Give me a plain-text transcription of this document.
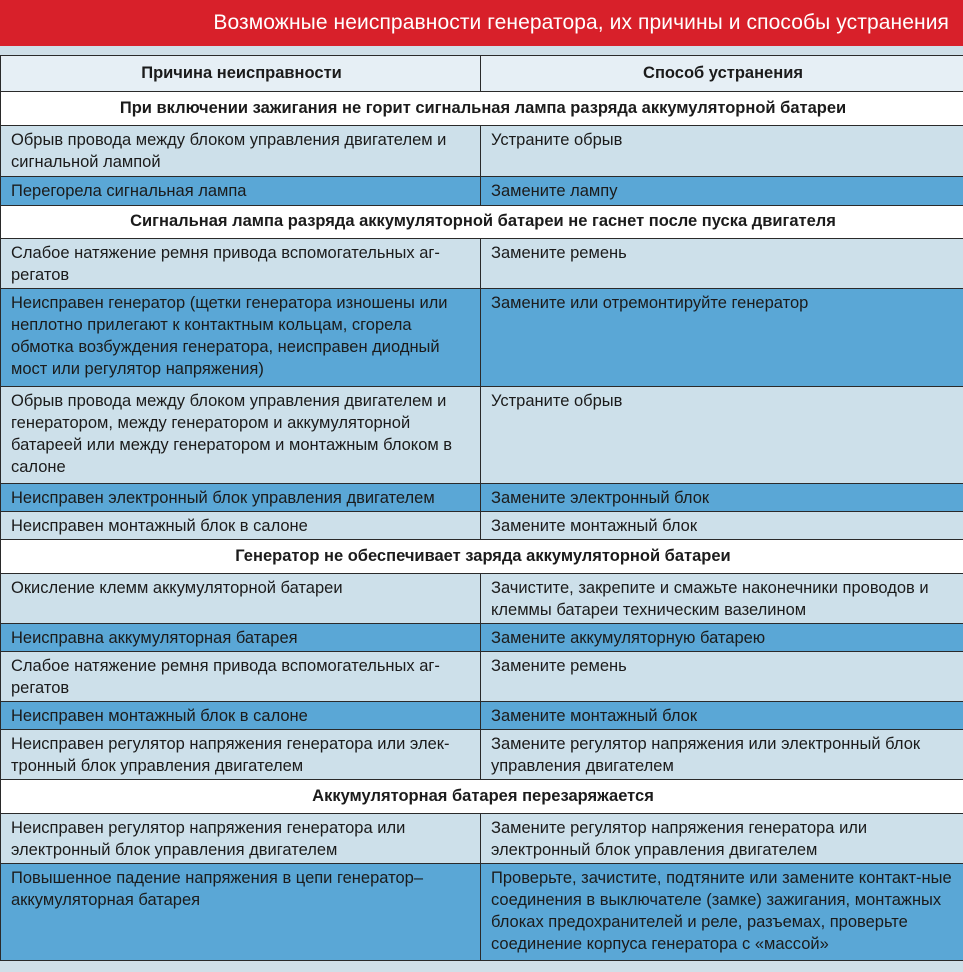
Возможные неисправности генератора, их причины и способы устранения
Причина неисправности	Способ устранения
При включении зажигания не горит сигнальная лампа разряда аккумуляторной батареи	
Обрыв провода между блоком управления двигателем и сигнальной лампой	Устраните обрыв
Перегорела сигнальная лампа	Замените лампу
Сигнальная лампа разряда аккумуляторной батареи не гаснет после пуска двигателя	
Слабое натяжение ремня привода вспомогательных аг-регатов	Замените ремень
Неисправен генератор (щетки генератора изношены или неплотно прилегают к контактным кольцам, сгорела обмотка возбуждения генератора, неисправен диодный мост или регулятор напряжения)	Замените или отремонтируйте генератор
Обрыв провода между блоком управления двигателем и генератором, между генератором и аккумуляторной батареей или между генератором и монтажным блоком в салоне	Устраните обрыв
Неисправен электронный блок управления двигателем	Замените электронный блок
Неисправен монтажный блок в салоне	Замените монтажный блок
Генератор не обеспечивает заряда аккумуляторной батареи	
Окисление клемм аккумуляторной батареи	Зачистите, закрепите и смажьте наконечники проводов и клеммы батареи техническим вазелином
Неисправна аккумуляторная батарея	Замените аккумуляторную батарею
Слабое натяжение ремня привода вспомогательных аг-регатов	Замените ремень
Неисправен монтажный блок в салоне	Замените монтажный блок
Неисправен регулятор напряжения генератора или элек-тронный блок управления двигателем	Замените регулятор напряжения или электронный блок управления двигателем
Аккумуляторная батарея перезаряжается	
Неисправен регулятор напряжения генератора или электронный блок управления двигателем	Замените регулятор напряжения генератора или электронный блок управления двигателем
Повышенное падение напряжения в цепи генератор–аккумуляторная батарея	Проверьте, зачистите, подтяните или замените контакт-ные соединения в выключателе (замке) зажигания, монтажных блоках предохранителей и реле, разъемах, проверьте соединение корпуса генератора с «массой»
